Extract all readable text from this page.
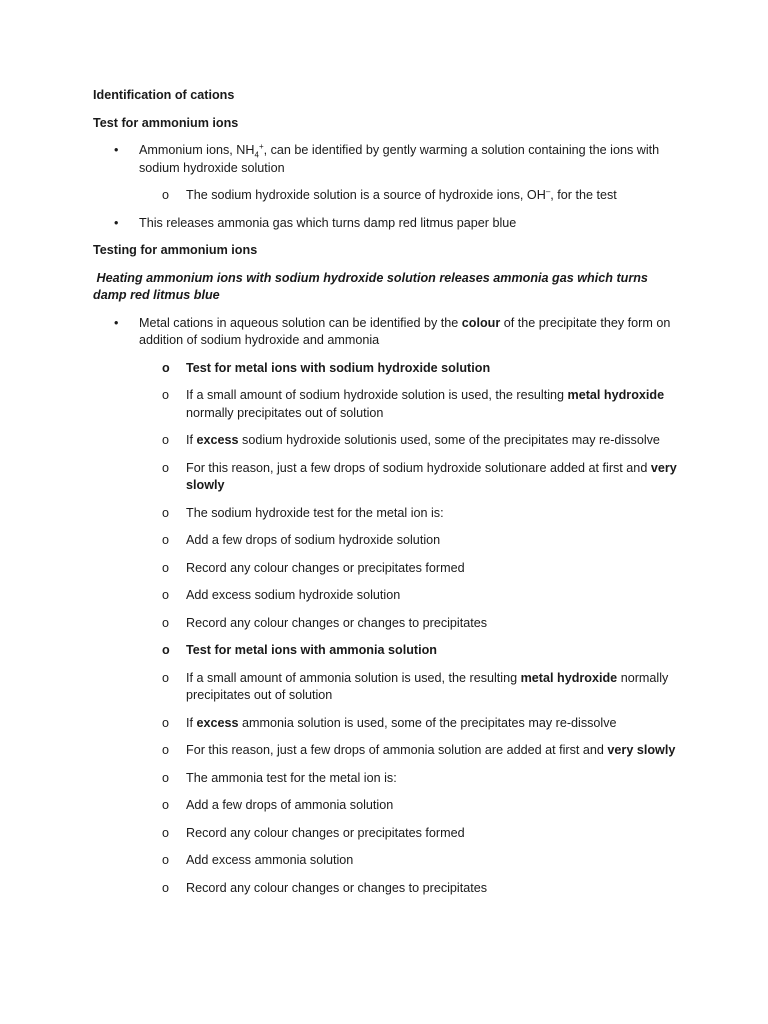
Identification of cations
Test for ammonium ions
• Ammonium ions, $NH_4^+$, can be identified by gently warming a solution containing the ions with sodium hydroxide solution
o The sodium hydroxide solution is a source of hydroxide ions, OH–, for the test
• This releases ammonia gas which turns damp red litmus paper blue
Testing for ammonium ions
Heating ammonium ions with sodium hydroxide solution releases ammonia gas which turns damp red litmus blue
• Metal cations in aqueous solution can be identified by the colour of the precipitate they form on addition of sodium hydroxide and ammonia
o Test for metal ions with sodium hydroxide solution
o If a small amount of sodium hydroxide solution is used, the resulting metal hydroxide normally precipitates out of solution
o If excess sodium hydroxide solutionis used, some of the precipitates may re-dissolve
o For this reason, just a few drops of sodium hydroxide solutionare added at first and very slowly
o The sodium hydroxide test for the metal ion is:
o Add a few drops of sodium hydroxide solution
o Record any colour changes or precipitates formed
o Add excess sodium hydroxide solution
o Record any colour changes or changes to precipitates
o Test for metal ions with ammonia solution
o If a small amount of ammonia solution is used, the resulting metal hydroxide normally precipitates out of solution
o If excess ammonia solution is used, some of the precipitates may re-dissolve
o For this reason, just a few drops of ammonia solution are added at first and very slowly
o The ammonia test for the metal ion is:
o Add a few drops of ammonia solution
o Record any colour changes or precipitates formed
o Add excess ammonia solution
o Record any colour changes or changes to precipitates
